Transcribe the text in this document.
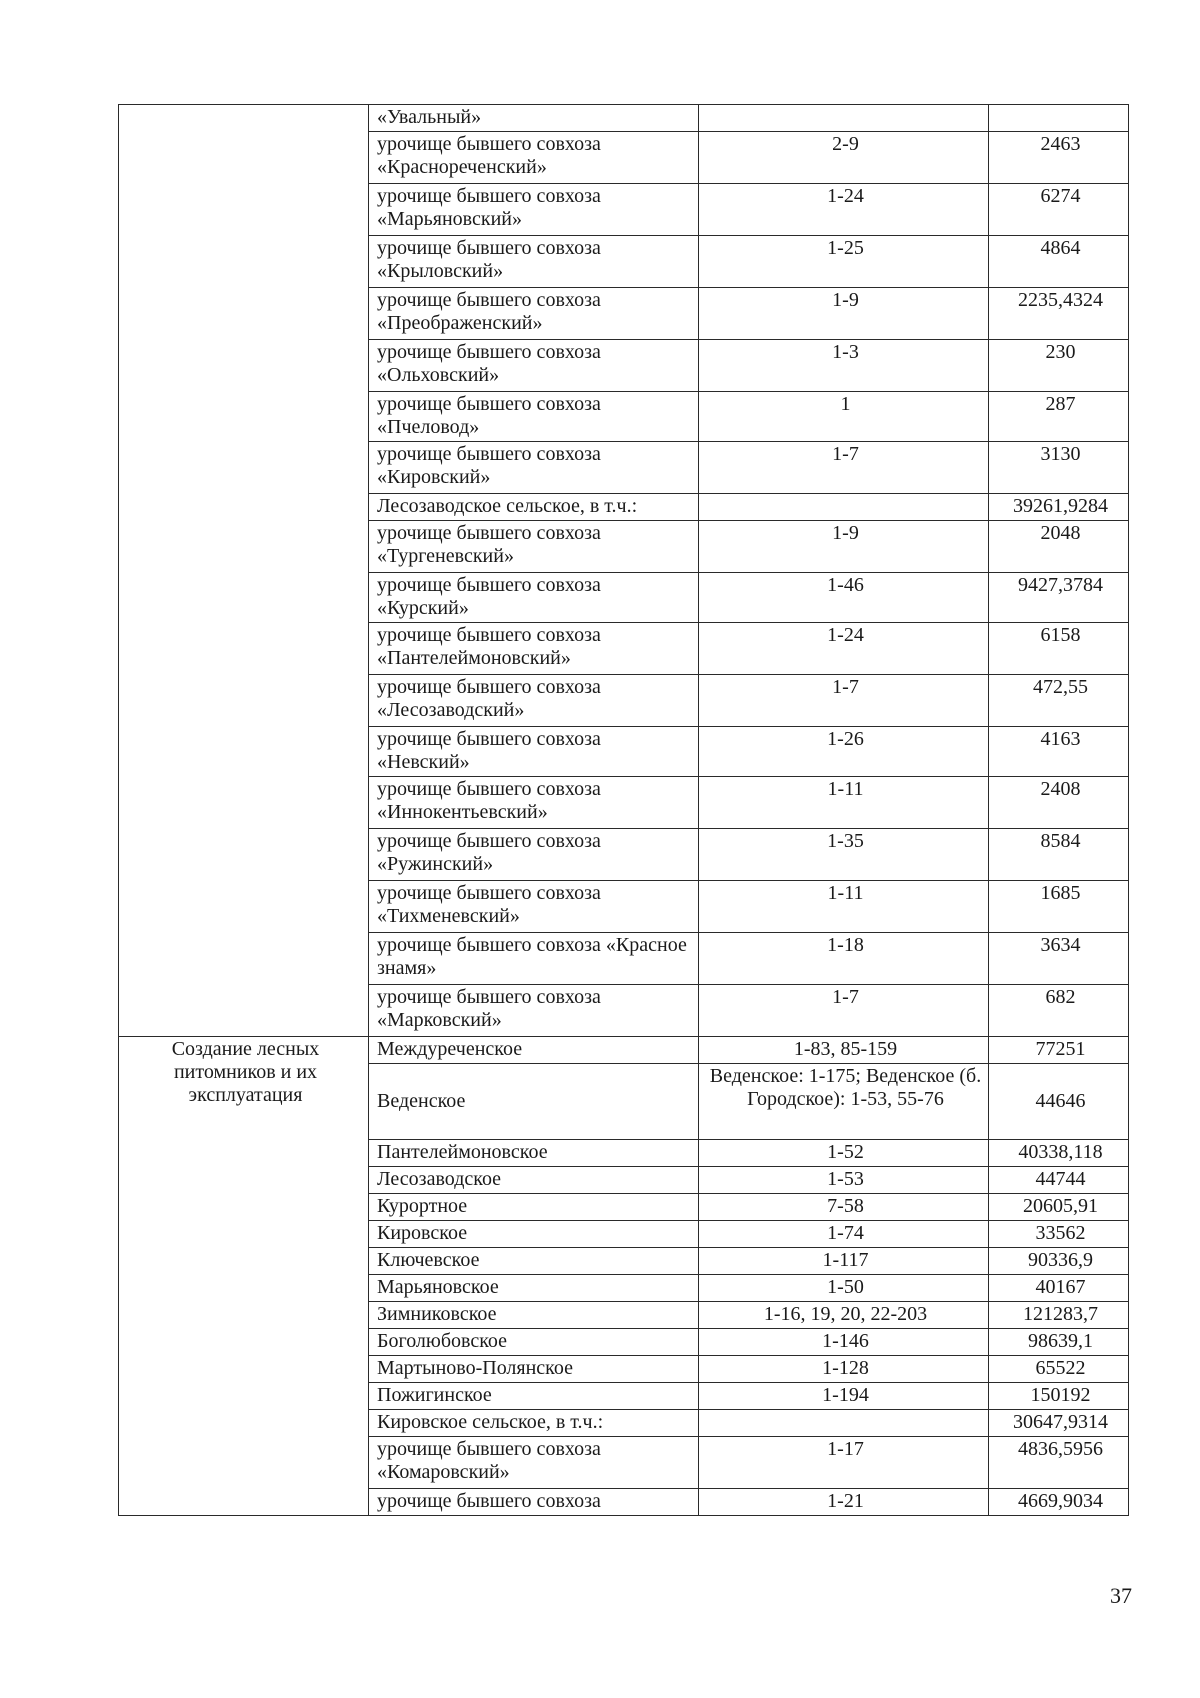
	«Увальный»		
	урочище бывшего совхоза «Краснореченский»	2-9	2463
	урочище бывшего совхоза «Марьяновский»	1-24	6274
	урочище бывшего совхоза «Крыловский»	1-25	4864
	урочище бывшего совхоза «Преображенский»	1-9	2235,4324
	урочище бывшего совхоза «Ольховский»	1-3	230
	урочище бывшего совхоза «Пчеловод»	1	287
	урочище бывшего совхоза «Кировский»	1-7	3130
	Лесозаводское сельское, в т.ч.:		39261,9284
	урочище бывшего совхоза «Тургеневский»	1-9	2048
	урочище бывшего совхоза «Курский»	1-46	9427,3784
	урочище бывшего совхоза «Пантелеймоновский»	1-24	6158
	урочище бывшего совхоза «Лесозаводский»	1-7	472,55
	урочище бывшего совхоза «Невский»	1-26	4163
	урочище бывшего совхоза «Иннокентьевский»	1-11	2408
	урочище бывшего совхоза «Ружинский»	1-35	8584
	урочище бывшего совхоза «Тихменевский»	1-11	1685
	урочище бывшего совхоза «Красное знамя»	1-18	3634
	урочище бывшего совхоза «Марковский»	1-7	682
Создание лесных питомников и их эксплуатация	Междуреченское	1-83, 85-159	77251
	Веденское	Веденское: 1-175; Веденское (б. Городское): 1-53, 55-76	44646
	Пантелеймоновское	1-52	40338,118
	Лесозаводское	1-53	44744
	Курортное	7-58	20605,91
	Кировское	1-74	33562
	Ключевское	1-117	90336,9
	Марьяновское	1-50	40167
	Зимниковское	1-16, 19, 20, 22-203	121283,7
	Боголюбовское	1-146	98639,1
	Мартыново-Полянское	1-128	65522
	Пожигинское	1-194	150192
	Кировское сельское, в т.ч.:		30647,9314
	урочище бывшего совхоза «Комаровский»	1-17	4836,5956
	урочище бывшего совхоза	1-21	4669,9034
37
